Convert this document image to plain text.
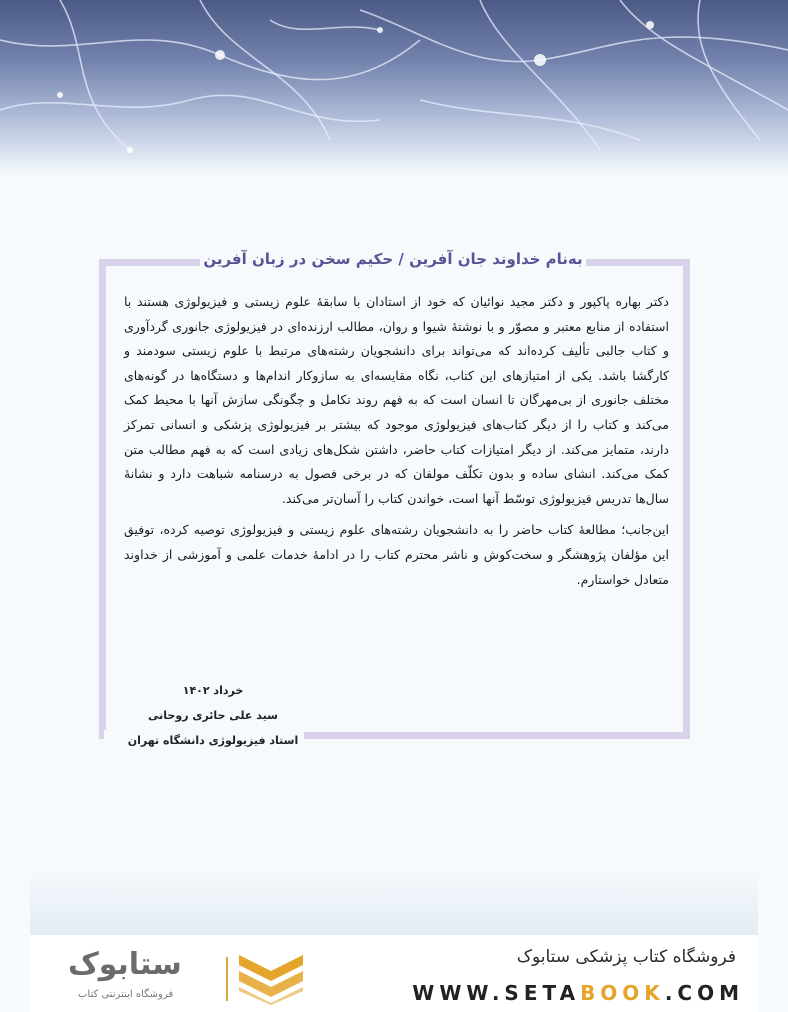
به‌نام خداوند جان آفرین / حکیم سخن در زبان آفرین

دکتر بهاره پاکپور و دکتر مجید نوائیان که خود از استادان با سابقهٔ علوم زیستی و فیزیولوژی هستند با استفاده از منابع معتبر و مصوّر و با نوشتهٔ شیوا و روان، مطالب ارزنده‌ای در فیزیولوژی جانوری گردآوری و کتاب جالبی تألیف کرده‌اند که می‌تواند برای دانشجویان رشته‌های مرتبط با علوم زیستی سودمند و کارگشا باشد. یکی از امتیازهای این کتاب، نگاه مقایسه‌ای به سازوکار اندام‌ها و دستگاه‌ها در گونه‌های مختلف جانوری از بی‌مهرگان تا انسان است که به فهم روند تکامل و چگونگی سازش آنها با محیط کمک می‌کند و کتاب را از دیگر کتاب‌های فیزیولوژی موجود که بیشتر بر فیزیولوژی پزشکی و انسانی تمرکز دارند، متمایز می‌کند. از دیگر امتیازات کتاب حاضر، داشتن شکل‌های زیادی است که به فهم مطالب متن کمک می‌کند. انشای ساده و بدون تکلّف مولفان که در برخی فصول به درسنامه شباهت دارد و نشانهٔ سال‌ها تدریس فیزیولوژی توسّط آنها است، خواندن کتاب را آسان‌تر می‌کند.

این‌جانب؛ مطالعهٔ کتاب حاضر را به دانشجویان رشته‌های علوم زیستی و فیزیولوژی توصیه کرده، توفیق این مؤلفان پژوهشگر و سخت‌کوش و ناشر محترم کتاب را در ادامهٔ خدمات علمی و آموزشی از خداوند متعادل خواستارم.

خرداد ۱۴۰۲
سید علی حائری روحانی
استاد فیزیولوژی دانشگاه تهران
فروشگاه کتاب پزشکی ستابوک
WWW.SETABOOK.COM
ستابوک
فروشگاه اینترنتی کتاب
